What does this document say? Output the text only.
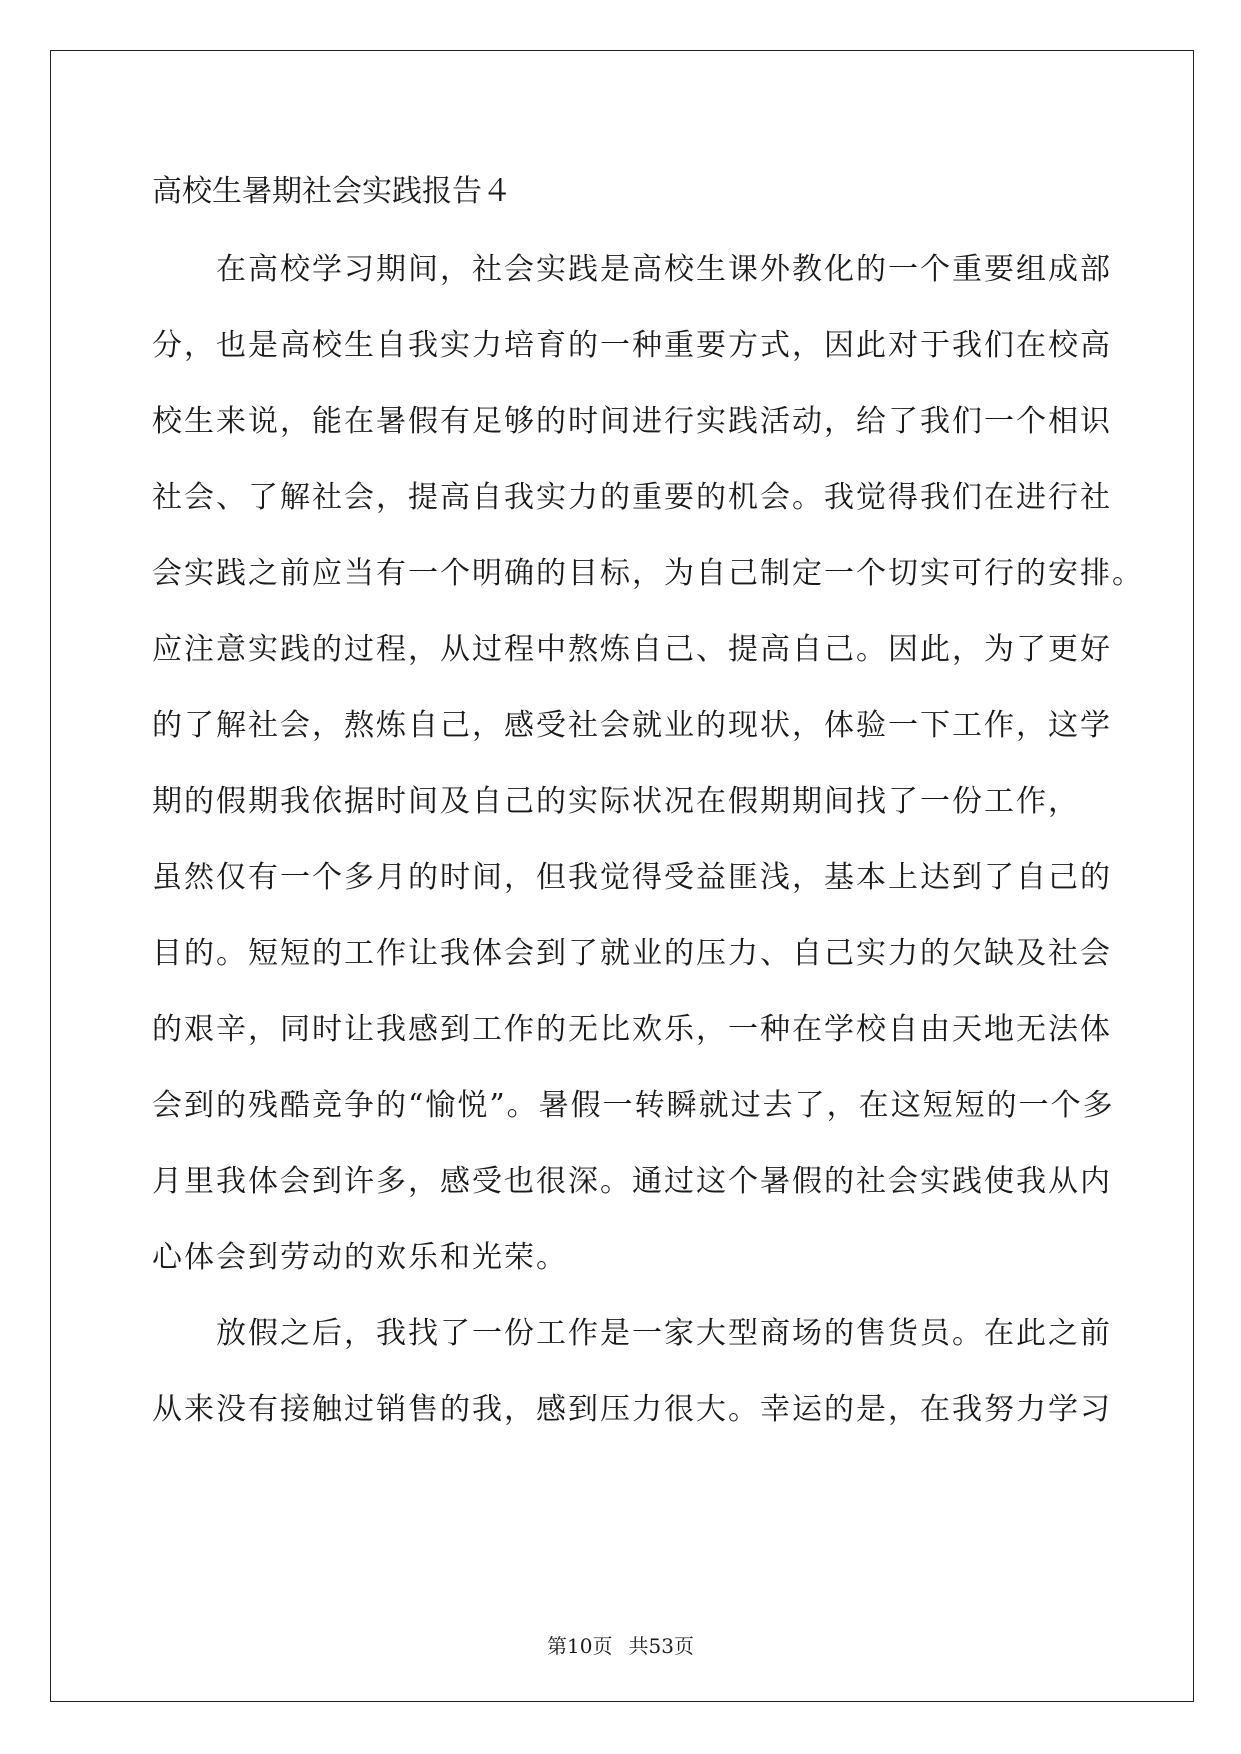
高校生暑期社会实践报告４
在高校学习期间，社会实践是高校生课外教化的一个重要组成部
分，也是高校生自我实力培育的一种重要方式，因此对于我们在校高
校生来说，能在暑假有足够的时间进行实践活动，给了我们一个相识
社会、了解社会，提高自我实力的重要的机会。我觉得我们在进行社
会实践之前应当有一个明确的目标，为自己制定一个切实可行的安排。
应注意实践的过程，从过程中熬炼自己、提高自己。因此，为了更好
的了解社会，熬炼自己，感受社会就业的现状，体验一下工作，这学
期的假期我依据时间及自己的实际状况在假期期间找了一份工作，
虽然仅有一个多月的时间，但我觉得受益匪浅，基本上达到了自己的
目的。短短的工作让我体会到了就业的压力、自己实力的欠缺及社会
的艰辛，同时让我感到工作的无比欢乐，一种在学校自由天地无法体
会到的残酷竞争的“愉悦”。暑假一转瞬就过去了，在这短短的一个多
月里我体会到许多，感受也很深。通过这个暑假的社会实践使我从内
心体会到劳动的欢乐和光荣。
放假之后，我找了一份工作是一家大型商场的售货员。在此之前
从来没有接触过销售的我，感到压力很大。幸运的是，在我努力学习
第10页 共53页
